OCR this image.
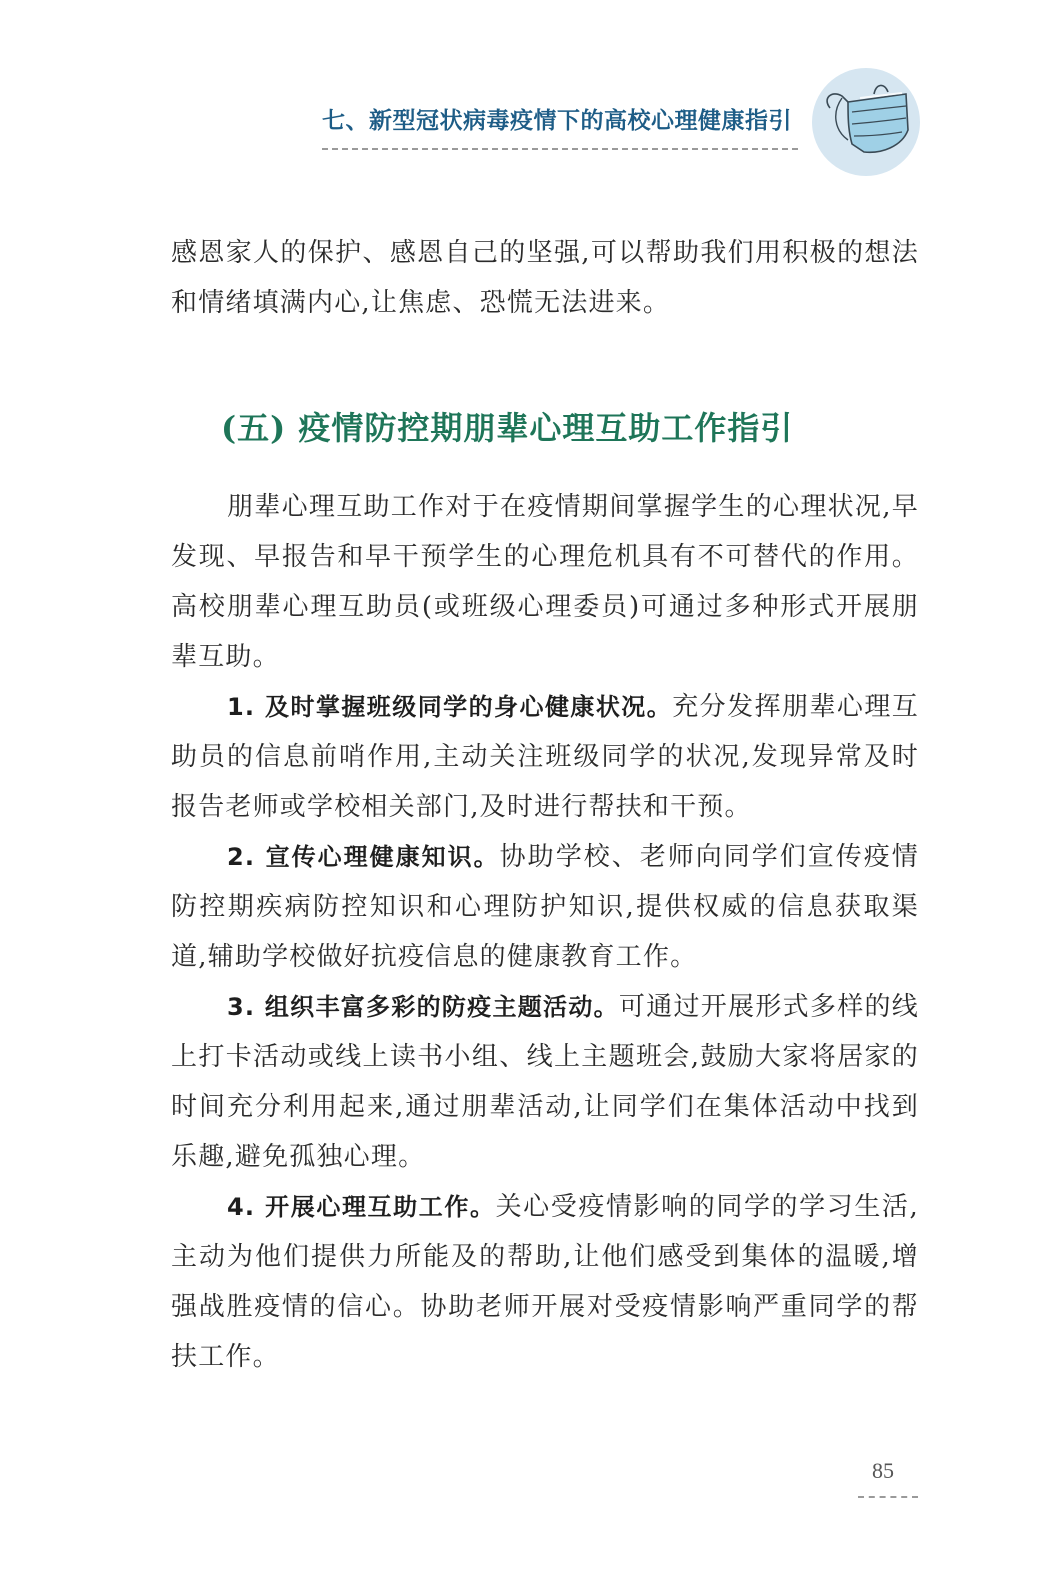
七、新型冠状病毒疫情下的高校心理健康指引

感恩家人的保护、感恩自己的坚强,可以帮助我们用积极的想法和情绪填满内心,让焦虑、恐慌无法进来。

(五) 疫情防控期朋辈心理互助工作指引

朋辈心理互助工作对于在疫情期间掌握学生的心理状况,早发现、早报告和早干预学生的心理危机具有不可替代的作用。高校朋辈心理互助员(或班级心理委员)可通过多种形式开展朋辈互助。

1. 及时掌握班级同学的身心健康状况。充分发挥朋辈心理互助员的信息前哨作用,主动关注班级同学的状况,发现异常及时报告老师或学校相关部门,及时进行帮扶和干预。

2. 宣传心理健康知识。协助学校、老师向同学们宣传疫情防控期疾病防控知识和心理防护知识,提供权威的信息获取渠道,辅助学校做好抗疫信息的健康教育工作。

3. 组织丰富多彩的防疫主题活动。可通过开展形式多样的线上打卡活动或线上读书小组、线上主题班会,鼓励大家将居家的时间充分利用起来,通过朋辈活动,让同学们在集体活动中找到乐趣,避免孤独心理。

4. 开展心理互助工作。关心受疫情影响的同学的学习生活,主动为他们提供力所能及的帮助,让他们感受到集体的温暖,增强战胜疫情的信心。协助老师开展对受疫情影响严重同学的帮扶工作。

85
